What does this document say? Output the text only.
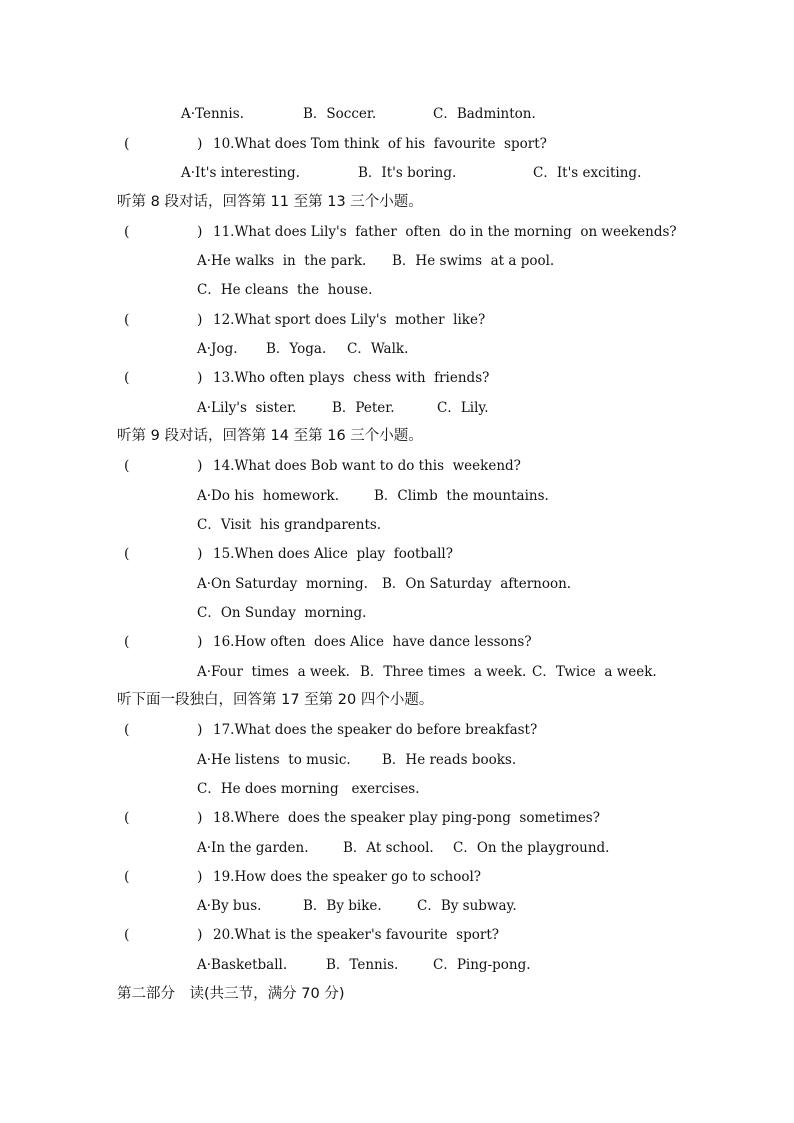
A·Tennis.	B．Soccer.	C．Badminton.
(	) 10.What does Tom think  of his  favourite  sport?
A·It's interesting.	B．It's boring.	C．It's exciting.
听第 8 段对话，回答第 11 至第 13 三个小题。
(	) 11.What does Lily's  father  often  do in the morning  on weekends?
A·He walks  in  the park. B．He swims  at a pool.
C．He cleans  the  house.
(	) 12.What sport does Lily's  mother  like?
A·Jog. B．Yoga. C．Walk.
(	) 13.Who often plays  chess with  friends?
A·Lily's  sister.	B．Peter.	C．Lily.
听第 9 段对话，回答第 14 至第 16 三个小题。
(	) 14.What does Bob want to do this  weekend?
A·Do his  homework.	B．Climb  the mountains.
C．Visit  his grandparents.
(	) 15.When does Alice  play  football?
A·On Saturday  morning. B．On Saturday  afternoon.
C．On Sunday  morning.
(	) 16.How often  does Alice  have dance lessons?
A·Four  times  a week. B．Three times  a week. C．Twice  a week.
听下面一段独白，回答第 17 至第 20 四个小题。
(	) 17.What does the speaker do before breakfast?
A·He listens  to music. B．He reads books.
C．He does morning   exercises.
(	) 18.Where  does the speaker play ping-pong  sometimes?
A·In the garden.	B．At school. C．On the playground.
(	) 19.How does the speaker go to school?
A·By bus.	B．By bike.	C．By subway.
(	) 20.What is the speaker's favourite  sport?
A·Basketball.	B．Tennis.	C．Ping-pong.
第二部分　读(共三节，满分 70 分)
